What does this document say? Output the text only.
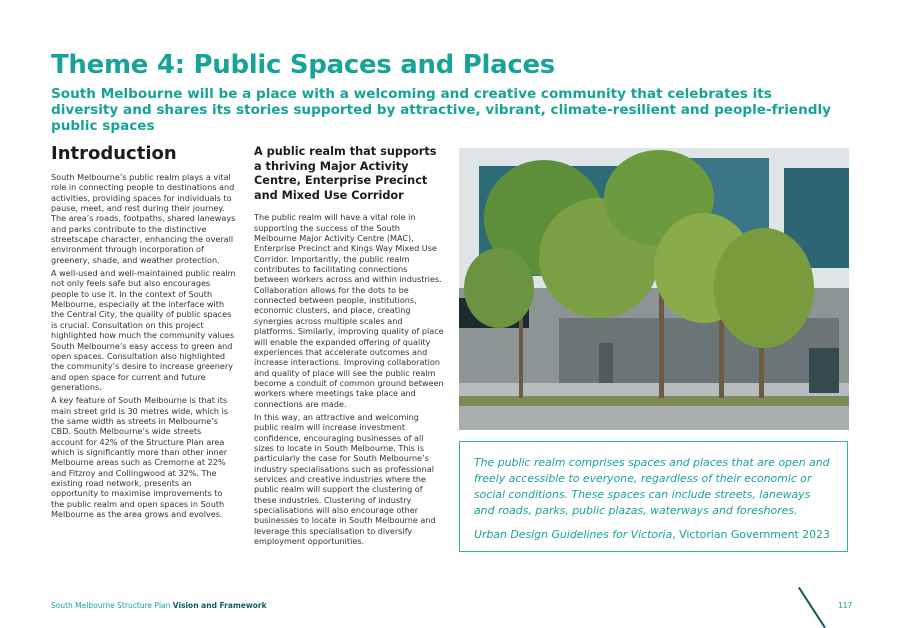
Theme 4: Public Spaces and Places

South Melbourne will be a place with a welcoming and creative community that celebrates its diversity and shares its stories supported by attractive, vibrant, climate-resilient and people-friendly public spaces

Introduction

South Melbourne’s public realm plays a vital role in connecting people to destinations and activities, providing spaces for individuals to pause, meet, and rest during their journey. The area’s roads, footpaths, shared laneways and parks contribute to the distinctive streetscape character, enhancing the overall environment through incorporation of greenery, shade, and weather protection.

A well-used and well-maintained public realm not only feels safe but also encourages people to use it. In the context of South Melbourne, especially at the interface with the Central City, the quality of public spaces is crucial. Consultation on this project highlighted how much the community values South Melbourne’s easy access to green and open spaces. Consultation also highlighted the community’s desire to increase greenery and open space for current and future generations.

A key feature of South Melbourne is that its main street grid is 30 metres wide, which is the same width as streets in Melbourne’s CBD. South Melbourne’s wide streets account for 42% of the Structure Plan area which is significantly more than other inner Melbourne areas such as Cremorne at 22% and Fitzroy and Collingwood at 32%. The existing road network, presents an opportunity to maximise improvements to the public realm and open spaces in South Melbourne as the area grows and evolves.

A public realm that supports a thriving Major Activity Centre, Enterprise Precinct and Mixed Use Corridor

The public realm will have a vital role in supporting the success of the South Melbourne Major Activity Centre (MAC), Enterprise Precinct and Kings Way Mixed Use Corridor. Importantly, the public realm contributes to facilitating connections between workers across and within industries. Collaboration allows for the dots to be connected between people, institutions, economic clusters, and place, creating synergies across multiple scales and platforms. Similarly, improving quality of place will enable the expanded offering of quality experiences that accelerate outcomes and increase interactions. Improving collaboration and quality of place will see the public realm become a conduit of common ground between workers where meetings take place and connections are made.

In this way, an attractive and welcoming public realm will increase investment confidence, encouraging businesses of all sizes to locate in South Melbourne. This is particularly the case for South Melbourne’s industry specialisations such as professional services and creative industries where the public realm will support the clustering of these industries. Clustering of industry specialisations will also encourage other businesses to locate in South Melbourne and leverage this specialisation to diversify employment opportunities.

The public realm comprises spaces and places that are open and freely accessible to everyone, regardless of their economic or social conditions. These spaces can include streets, laneways and roads, parks, public plazas, waterways and foreshores.

Urban Design Guidelines for Victoria, Victorian Government 2023

South Melbourne Structure Plan Vision and Framework	117
